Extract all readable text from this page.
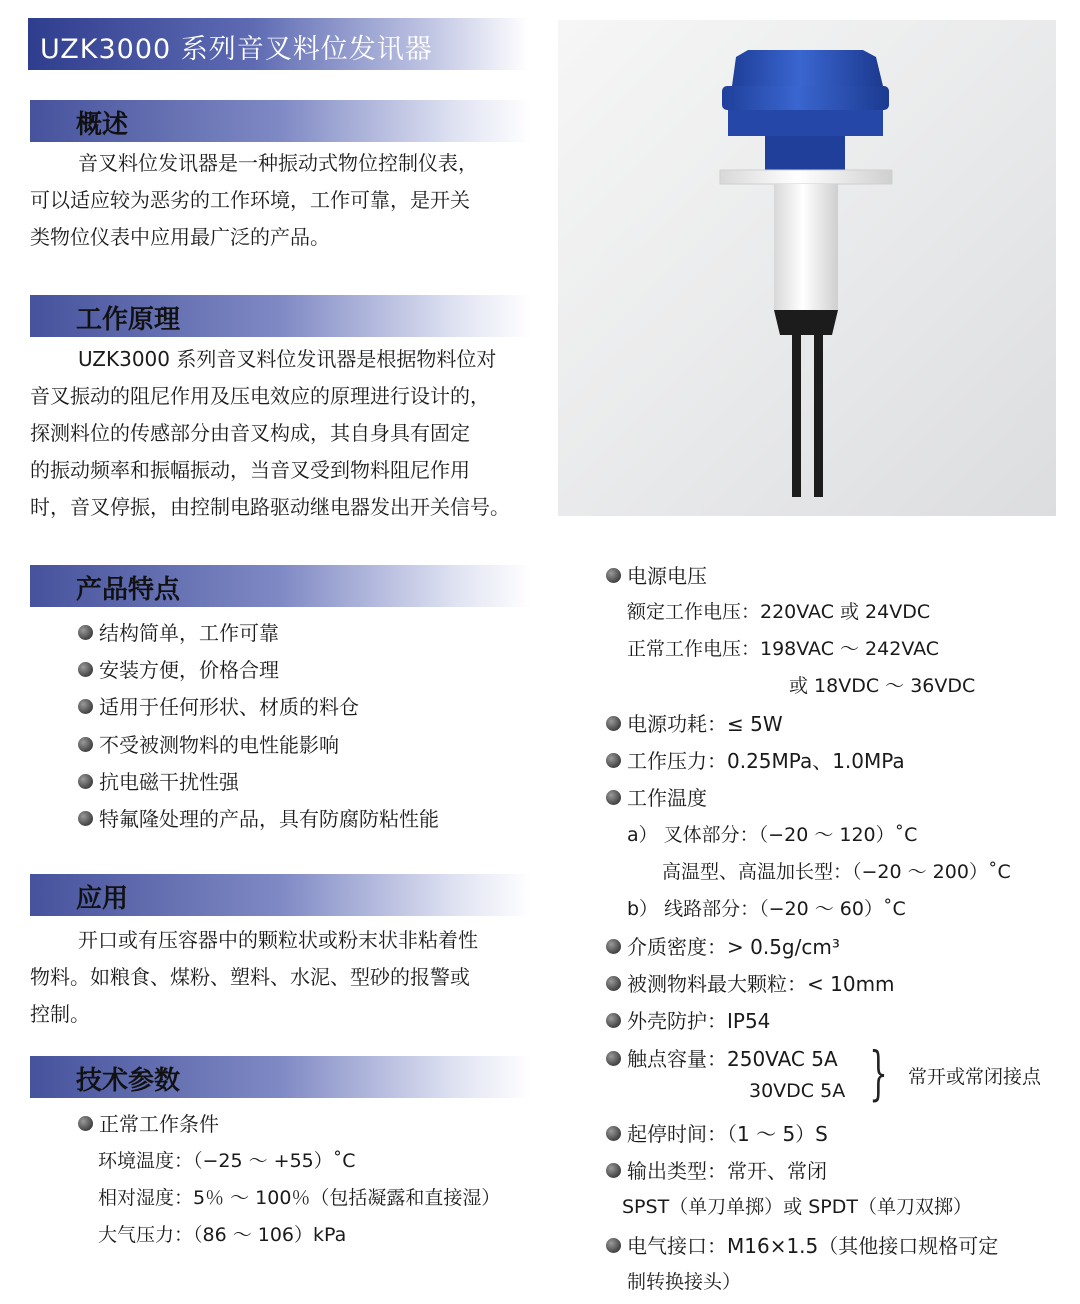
UZK3000 系列音叉料位发讯器
概述
音叉料位发讯器是一种振动式物位控制仪表，
可以适应较为恶劣的工作环境，工作可靠，是开关
类物位仪表中应用最广泛的产品。
工作原理
UZK3000 系列音叉料位发讯器是根据物料位对
音叉振动的阻尼作用及压电效应的原理进行设计的，
探测料位的传感部分由音叉构成，其自身具有固定
的振动频率和振幅振动，当音叉受到物料阻尼作用
时，音叉停振，由控制电路驱动继电器发出开关信号。
产品特点
结构简单，工作可靠
安装方便，价格合理
适用于任何形状、材质的料仓
不受被测物料的电性能影响
抗电磁干扰性强
特氟隆处理的产品，具有防腐防粘性能
应用
开口或有压容器中的颗粒状或粉末状非粘着性
物料。如粮食、煤粉、塑料、水泥、型砂的报警或
控制。
技术参数
正常工作条件
环境温度：（−25 ～ +55）˚C
相对湿度：5％ ～ 100％（包括凝露和直接湿）
大气压力：（86 ～ 106）kPa
电源电压
额定工作电压：220VAC 或 24VDC
正常工作电压：198VAC ～ 242VAC
或 18VDC ～ 36VDC
电源功耗：≤ 5W
工作压力：0.25MPa、1.0MPa
工作温度
a） 叉体部分：（−20 ～ 120）˚C
高温型、高温加长型：（−20 ～ 200）˚C
b） 线路部分：（−20 ～ 60）˚C
介质密度：> 0.5g/cm³
被测物料最大颗粒：< 10mm
外壳防护：IP54
触点容量：250VAC 5A
30VDC 5A } 常开或常闭接点
起停时间：（1 ～ 5）S
输出类型：常开、常闭
SPST（单刀单掷）或 SPDT（单刀双掷）
电气接口：M16×1.5（其他接口规格可定
制转换接头）
